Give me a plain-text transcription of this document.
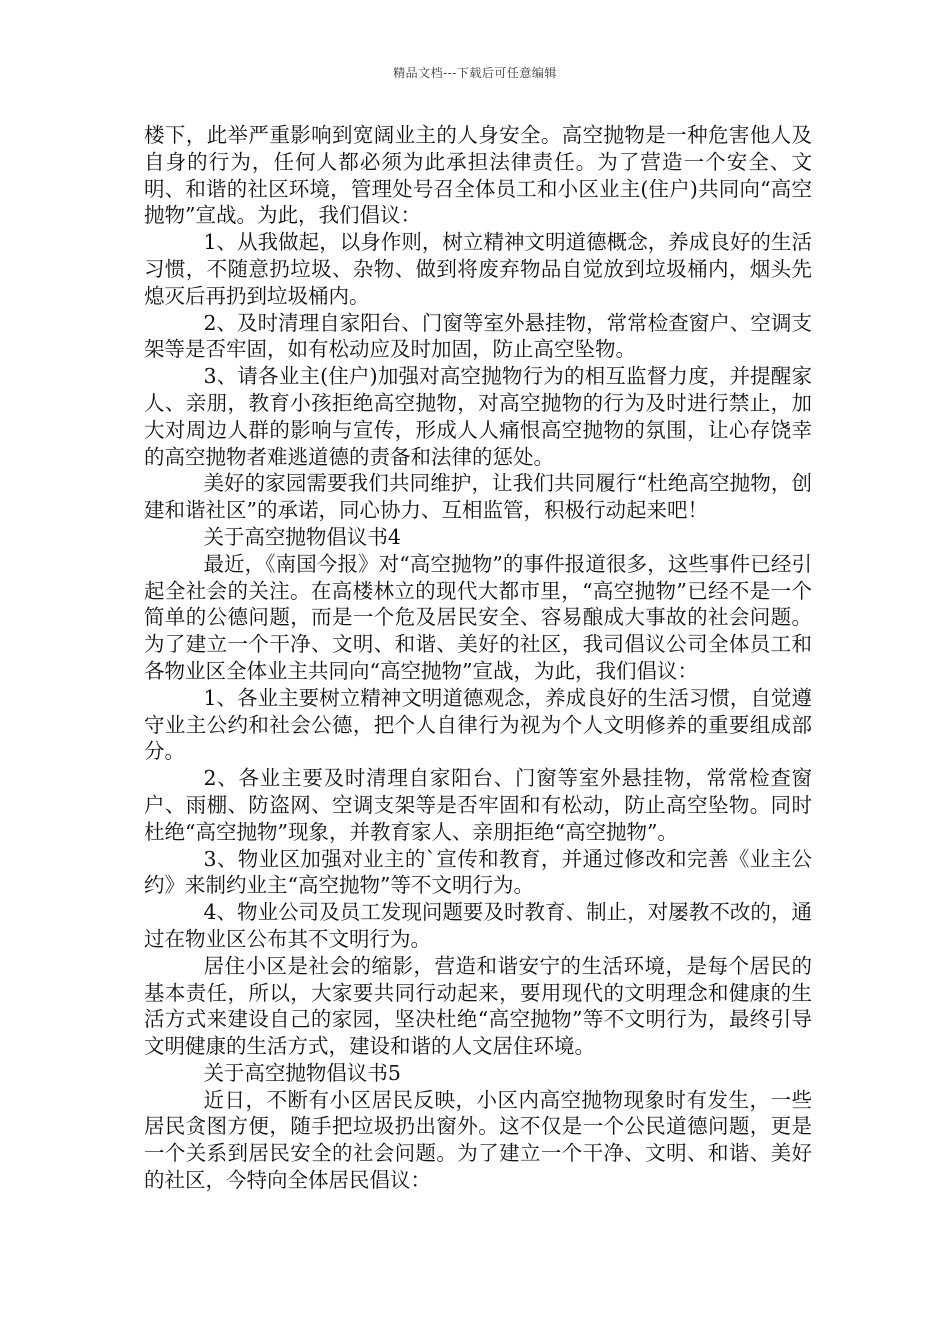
精品文档---下载后可任意编辑

楼下，此举严重影响到宽阔业主的人身安全。高空抛物是一种危害他人及自身的行为，任何人都必须为此承担法律责任。为了营造一个安全、文明、和谐的社区环境，管理处号召全体员工和小区业主(住户)共同向“高空抛物”宣战。为此，我们倡议：

1、从我做起，以身作则，树立精神文明道德概念，养成良好的生活习惯，不随意扔垃圾、杂物、做到将废弃物品自觉放到垃圾桶内，烟头先熄灭后再扔到垃圾桶内。

2、及时清理自家阳台、门窗等室外悬挂物，常常检查窗户、空调支架等是否牢固，如有松动应及时加固，防止高空坠物。

3、请各业主(住户)加强对高空抛物行为的相互监督力度，并提醒家人、亲朋，教育小孩拒绝高空抛物，对高空抛物的行为及时进行禁止，加大对周边人群的影响与宣传，形成人人痛恨高空抛物的氛围，让心存饶幸的高空抛物者难逃道德的责备和法律的惩处。

美好的家园需要我们共同维护，让我们共同履行“杜绝高空抛物，创建和谐社区”的承诺，同心协力、互相监管，积极行动起来吧！

关于高空抛物倡议书4

最近，《南国今报》对“高空抛物”的事件报道很多，这些事件已经引起全社会的关注。在高楼林立的现代大都市里，“高空抛物”已经不是一个简单的公德问题，而是一个危及居民安全、容易酿成大事故的社会问题。为了建立一个干净、文明、和谐、美好的社区，我司倡议公司全体员工和各物业区全体业主共同向“高空抛物”宣战，为此，我们倡议：

1、各业主要树立精神文明道德观念，养成良好的生活习惯，自觉遵守业主公约和社会公德，把个人自律行为视为个人文明修养的重要组成部分。

2、各业主要及时清理自家阳台、门窗等室外悬挂物，常常检查窗户、雨棚、防盗网、空调支架等是否牢固和有松动，防止高空坠物。同时杜绝“高空抛物”现象，并教育家人、亲朋拒绝“高空抛物”。

3、物业区加强对业主的`宣传和教育，并通过修改和完善《业主公约》来制约业主“高空抛物”等不文明行为。

4、物业公司及员工发现问题要及时教育、制止，对屡教不改的，通过在物业区公布其不文明行为。

居住小区是社会的缩影，营造和谐安宁的生活环境，是每个居民的基本责任，所以，大家要共同行动起来，要用现代的文明理念和健康的生活方式来建设自己的家园，坚决杜绝“高空抛物”等不文明行为，最终引导文明健康的生活方式，建设和谐的人文居住环境。

关于高空抛物倡议书5

近日，不断有小区居民反映，小区内高空抛物现象时有发生，一些居民贪图方便，随手把垃圾扔出窗外。这不仅是一个公民道德问题，更是一个关系到居民安全的社会问题。为了建立一个干净、文明、和谐、美好的社区，今特向全体居民倡议：
